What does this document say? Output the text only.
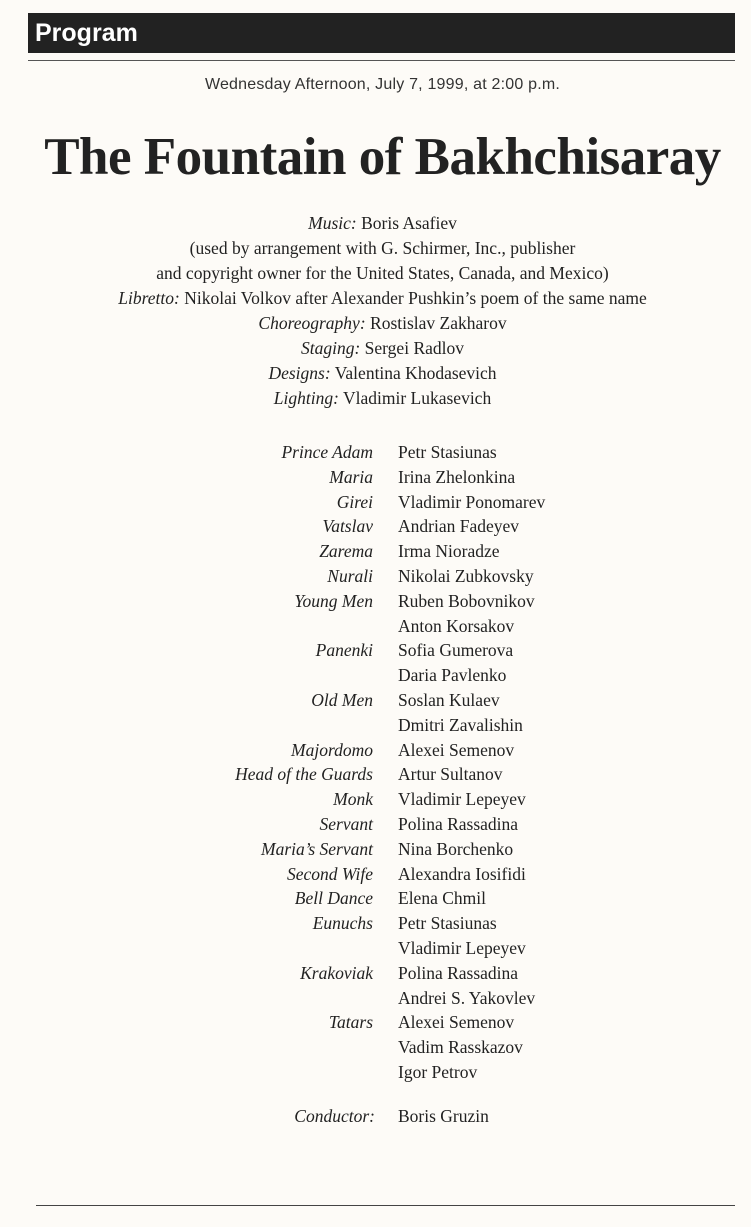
Program
Wednesday Afternoon, July 7, 1999, at 2:00 p.m.
The Fountain of Bakhchisaray
Music: Boris Asafiev
(used by arrangement with G. Schirmer, Inc., publisher
and copyright owner for the United States, Canada, and Mexico)
Libretto: Nikolai Volkov after Alexander Pushkin’s poem of the same name
Choreography: Rostislav Zakharov
Staging: Sergei Radlov
Designs: Valentina Khodasevich
Lighting: Vladimir Lukasevich
Prince Adam Petr Stasiunas
Maria Irina Zhelonkina
Girei Vladimir Ponomarev
Vatslav Andrian Fadeyev
Zarema Irma Nioradze
Nurali Nikolai Zubkovsky
Young Men Ruben Bobovnikov
Anton Korsakov
Panenki Sofia Gumerova
Daria Pavlenko
Old Men Soslan Kulaev
Dmitri Zavalishin
Majordomo Alexei Semenov
Head of the Guards Artur Sultanov
Monk Vladimir Lepeyev
Servant Polina Rassadina
Maria’s Servant Nina Borchenko
Second Wife Alexandra Iosifidi
Bell Dance Elena Chmil
Eunuchs Petr Stasiunas
Vladimir Lepeyev
Krakoviak Polina Rassadina
Andrei S. Yakovlev
Tatars Alexei Semenov
Vadim Rasskazov
Igor Petrov
Conductor: Boris Gruzin
